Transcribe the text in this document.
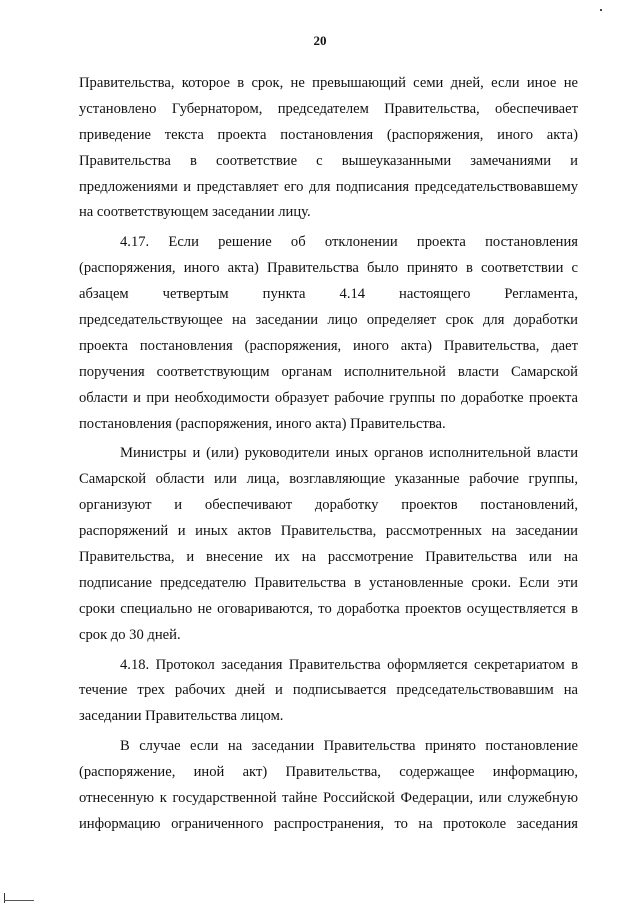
20
Правительства, которое в срок, не превышающий семи дней, если иное не
установлено Губернатором, председателем Правительства, обеспечивает
приведение текста проекта постановления (распоряжения, иного акта)
Правительства в соответствие с вышеуказанными замечаниями и
предложениями и представляет его для подписания председательствовавшему
на соответствующем заседании лицу.
4.17. Если решение об отклонении проекта постановления
(распоряжения, иного акта) Правительства было принято в соответствии с
абзацем четвертым пункта 4.14 настоящего Регламента,
председательствующее на заседании лицо определяет срок для доработки
проекта постановления (распоряжения, иного акта) Правительства, дает
поручения соответствующим органам исполнительной власти Самарской
области и при необходимости образует рабочие группы по доработке проекта
постановления (распоряжения, иного акта) Правительства.
Министры и (или) руководители иных органов исполнительной власти
Самарской области или лица, возглавляющие указанные рабочие группы,
организуют и обеспечивают доработку проектов постановлений,
распоряжений и иных актов Правительства, рассмотренных на заседании
Правительства, и внесение их на рассмотрение Правительства или на
подписание председателю Правительства в установленные сроки. Если эти
сроки специально не оговариваются, то доработка проектов осуществляется в
срок до 30 дней.
4.18. Протокол заседания Правительства оформляется секретариатом в
течение трех рабочих дней и подписывается председательствовавшим на
заседании Правительства лицом.
В случае если на заседании Правительства принято постановление
(распоряжение, иной акт) Правительства, содержащее информацию,
отнесенную к государственной тайне Российской Федерации, или служебную
информацию ограниченного распространения, то на протоколе заседания
